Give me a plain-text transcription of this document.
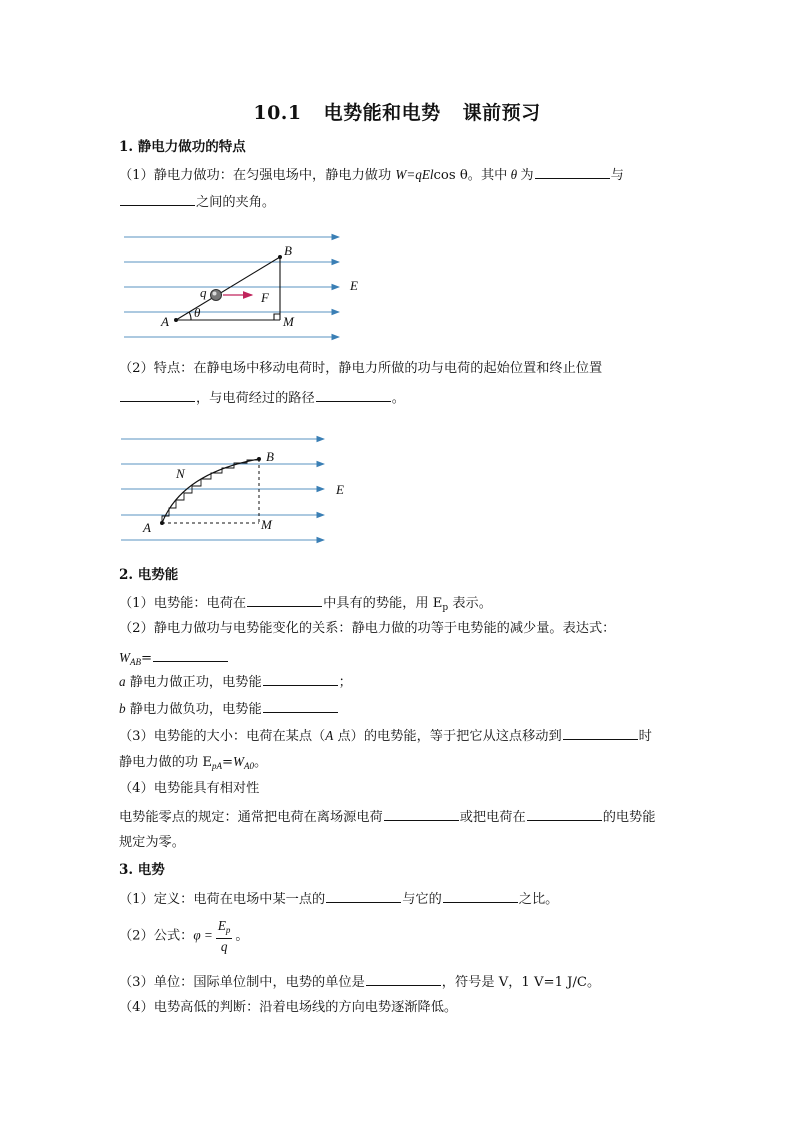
10.1 电势能和电势 课前预习
1. 静电力做功的特点
（1）静电力做功：在匀强电场中，静电力做功 W=qElcos θ。其中 θ 为	与
之间的夹角。
B
q	F
E
A
θ
M
（2）特点：在静电场中移动电荷时，静电力所做的功与电荷的起始位置和终止位置
，与电荷经过的路径	。
B
N
E
A	M
2. 电势能
（1）电势能：电荷在	中具有的势能，用 $E_p$ 表示。
（2）静电力做功与电势能变化的关系：静电力做的功等于电势能的减少量。表达式：
$W_{AB}=$
a 静电力做正功，电势能	；
b 静电力做负功，电势能
（3）电势能的大小：电荷在某点（A 点）的电势能，等于把它从这点移动到	时
静电力做的功 $E_{pA}=W_{A0}$。
（4）电势能具有相对性
电势能零点的规定：通常把电荷在离场源电荷	或把电荷在	的电势能
规定为零。
3. 电势
（1）定义：电荷在电场中某一点的	与它的	之比。
（2）公式：$\varphi = \frac{E_p}{q}$ 。
（3）单位：国际单位制中，电势的单位是	，符号是 V，1 V=1 J/C。
（4）电势高低的判断：沿着电场线的方向电势逐渐降低。
